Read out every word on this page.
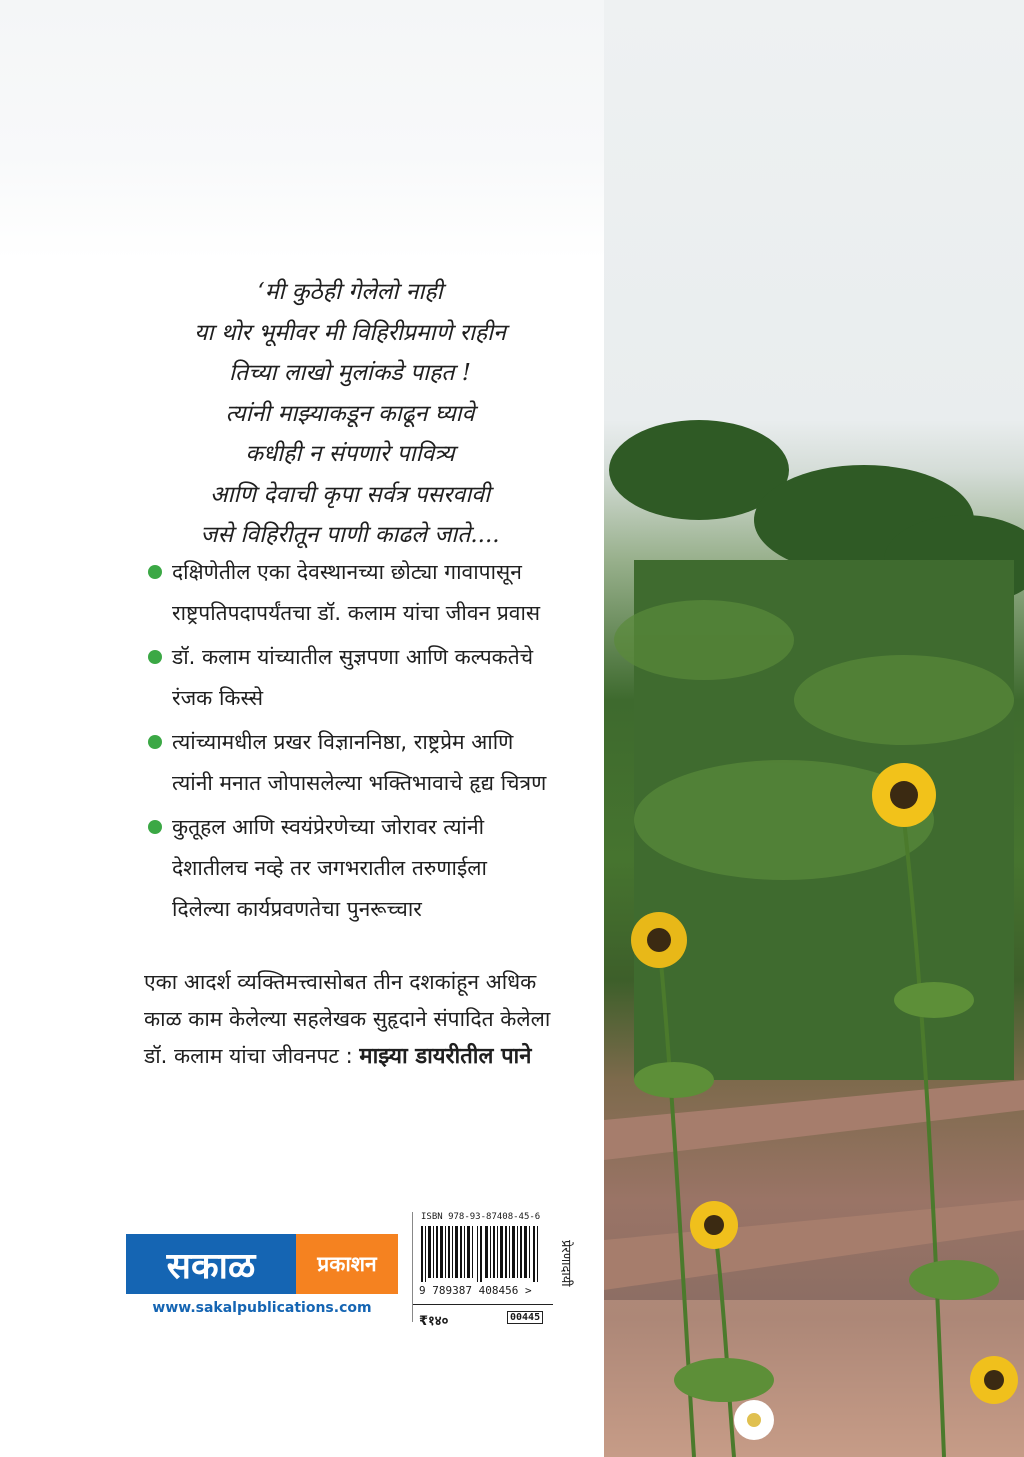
‘मी कुठेही गेलेलो नाही
या थोर भूमीवर मी विहिरीप्रमाणे राहीन
तिच्या लाखो मुलांकडे पाहत !
त्यांनी माझ्याकडून काढून घ्यावे
कधीही न संपणारे पावित्र्य
आणि देवाची कृपा सर्वत्र पसरवावी
जसे विहिरीतून पाणी काढले जाते....
दक्षिणेतील एका देवस्थानच्या छोट्या गावापासून राष्ट्रपतिपदापर्यंतचा डॉ. कलाम यांचा जीवन प्रवास
डॉ. कलाम यांच्यातील सुज्ञपणा आणि कल्पकतेचे रंजक किस्से
त्यांच्यामधील प्रखर विज्ञाननिष्ठा, राष्ट्रप्रेम आणि त्यांनी मनात जोपासलेल्या भक्तिभावाचे हृद्य चित्रण
कुतूहल आणि स्वयंप्रेरणेच्या जोरावर त्यांनी देशातीलच नव्हे तर जगभरातील तरुणाईला दिलेल्या कार्यप्रवणतेचा पुनरूच्चार
एका आदर्श व्यक्तिमत्त्वासोबत तीन दशकांहून अधिक काळ काम केलेल्या सहलेखक सुहृदाने संपादित केलेला डॉ. कलाम यांचा जीवनपट : माझ्या डायरीतील पाने
सकाळ	प्रकाशन
www.sakalpublications.com
ISBN 978-93-87408-45-6
9 789387 408456 >
₹१४०	00445
प्रेरणादायी
